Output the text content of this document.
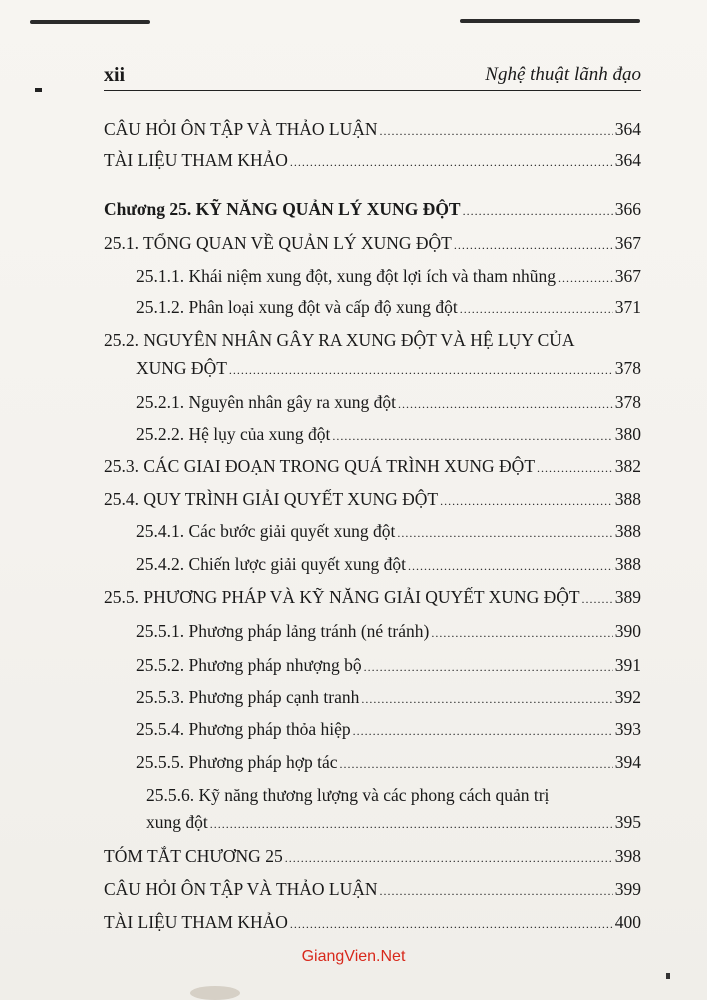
xii	Nghệ thuật lãnh đạo
CÂU HỎI ÔN TẬP VÀ THẢO LUẬN .....	364
TÀI LIỆU THAM KHẢO .....	364
Chương 25. KỸ NĂNG QUẢN LÝ XUNG ĐỘT .....	366
25.1. TỔNG QUAN VỀ QUẢN LÝ XUNG ĐỘT .....	367
25.1.1. Khái niệm xung đột, xung đột lợi ích và tham nhũng .....	367
25.1.2. Phân loại xung đột và cấp độ xung đột .....	371
25.2. NGUYÊN NHÂN GÂY RA XUNG ĐỘT VÀ HỆ LỤY CỦA
XUNG ĐỘT .....	378
25.2.1. Nguyên nhân gây ra xung đột .....	378
25.2.2. Hệ lụy của xung đột .....	380
25.3. CÁC GIAI ĐOẠN TRONG QUÁ TRÌNH XUNG ĐỘT .....	382
25.4. QUY TRÌNH GIẢI QUYẾT XUNG ĐỘT .....	388
25.4.1. Các bước giải quyết xung đột .....	388
25.4.2. Chiến lược giải quyết xung đột .....	388
25.5. PHƯƠNG PHÁP VÀ KỸ NĂNG GIẢI QUYẾT XUNG ĐỘT ..... 389
25.5.1. Phương pháp lảng tránh (né tránh) .....	390
25.5.2. Phương pháp nhượng bộ .....	391
25.5.3. Phương pháp cạnh tranh .....	392
25.5.4. Phương pháp thỏa hiệp .....	393
25.5.5. Phương pháp hợp tác .....	394
25.5.6. Kỹ năng thương lượng và các phong cách quản trị
xung đột .....	395
TÓM TẮT CHƯƠNG 25 .....	398
CÂU HỎI ÔN TẬP VÀ THẢO LUẬN .....	399
TÀI LIỆU THAM KHẢO .....	400
GiangVien.Net
